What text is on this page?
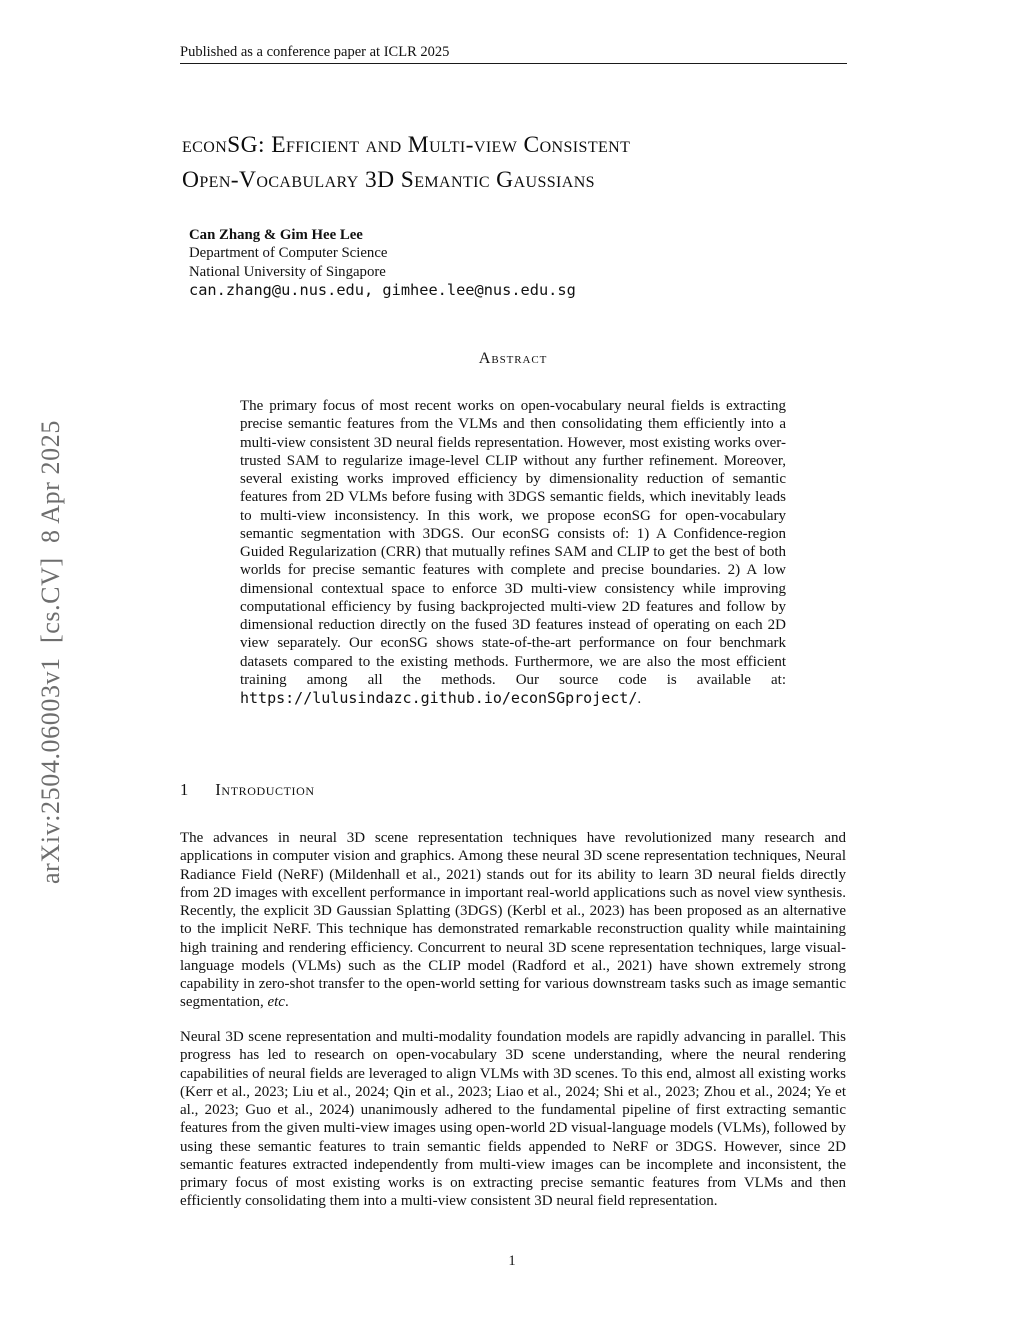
Published as a conference paper at ICLR 2025
econSG: Efficient and Multi-view Consistent
Open-Vocabulary 3D Semantic Gaussians
Can Zhang & Gim Hee Lee
Department of Computer Science
National University of Singapore
can.zhang@u.nus.edu, gimhee.lee@nus.edu.sg
Abstract
The primary focus of most recent works on open-vocabulary neural fields is extracting precise semantic features from the VLMs and then consolidating them efficiently into a multi-view consistent 3D neural fields representation. However, most existing works over-trusted SAM to regularize image-level CLIP without any further refinement. Moreover, several existing works improved efficiency by dimensionality reduction of semantic features from 2D VLMs before fusing with 3DGS semantic fields, which inevitably leads to multi-view inconsistency. In this work, we propose econSG for open-vocabulary semantic segmentation with 3DGS. Our econSG consists of: 1) A Confidence-region Guided Regularization (CRR) that mutually refines SAM and CLIP to get the best of both worlds for precise semantic features with complete and precise boundaries. 2) A low dimensional contextual space to enforce 3D multi-view consistency while improving computational efficiency by fusing backprojected multi-view 2D features and follow by dimensional reduction directly on the fused 3D features instead of operating on each 2D view separately. Our econSG shows state-of-the-art performance on four benchmark datasets compared to the existing methods. Furthermore, we are also the most efficient training among all the methods. Our source code is available at: https://lulusindazc.github.io/econSGproject/.
1 Introduction
The advances in neural 3D scene representation techniques have revolutionized many research and applications in computer vision and graphics. Among these neural 3D scene representation techniques, Neural Radiance Field (NeRF) (Mildenhall et al., 2021) stands out for its ability to learn 3D neural fields directly from 2D images with excellent performance in important real-world applications such as novel view synthesis. Recently, the explicit 3D Gaussian Splatting (3DGS) (Kerbl et al., 2023) has been proposed as an alternative to the implicit NeRF. This technique has demonstrated remarkable reconstruction quality while maintaining high training and rendering efficiency. Concurrent to neural 3D scene representation techniques, large visual-language models (VLMs) such as the CLIP model (Radford et al., 2021) have shown extremely strong capability in zero-shot transfer to the open-world setting for various downstream tasks such as image semantic segmentation, etc.
Neural 3D scene representation and multi-modality foundation models are rapidly advancing in parallel. This progress has led to research on open-vocabulary 3D scene understanding, where the neural rendering capabilities of neural fields are leveraged to align VLMs with 3D scenes. To this end, almost all existing works (Kerr et al., 2023; Liu et al., 2024; Qin et al., 2023; Liao et al., 2024; Shi et al., 2023; Zhou et al., 2024; Ye et al., 2023; Guo et al., 2024) unanimously adhered to the fundamental pipeline of first extracting semantic features from the given multi-view images using open-world 2D visual-language models (VLMs), followed by using these semantic features to train semantic fields appended to NeRF or 3DGS. However, since 2D semantic features extracted independently from multi-view images can be incomplete and inconsistent, the primary focus of most existing works is on extracting precise semantic features from VLMs and then efficiently consolidating them into a multi-view consistent 3D neural field representation.
1
arXiv:2504.06003v1  [cs.CV]  8 Apr 2025
